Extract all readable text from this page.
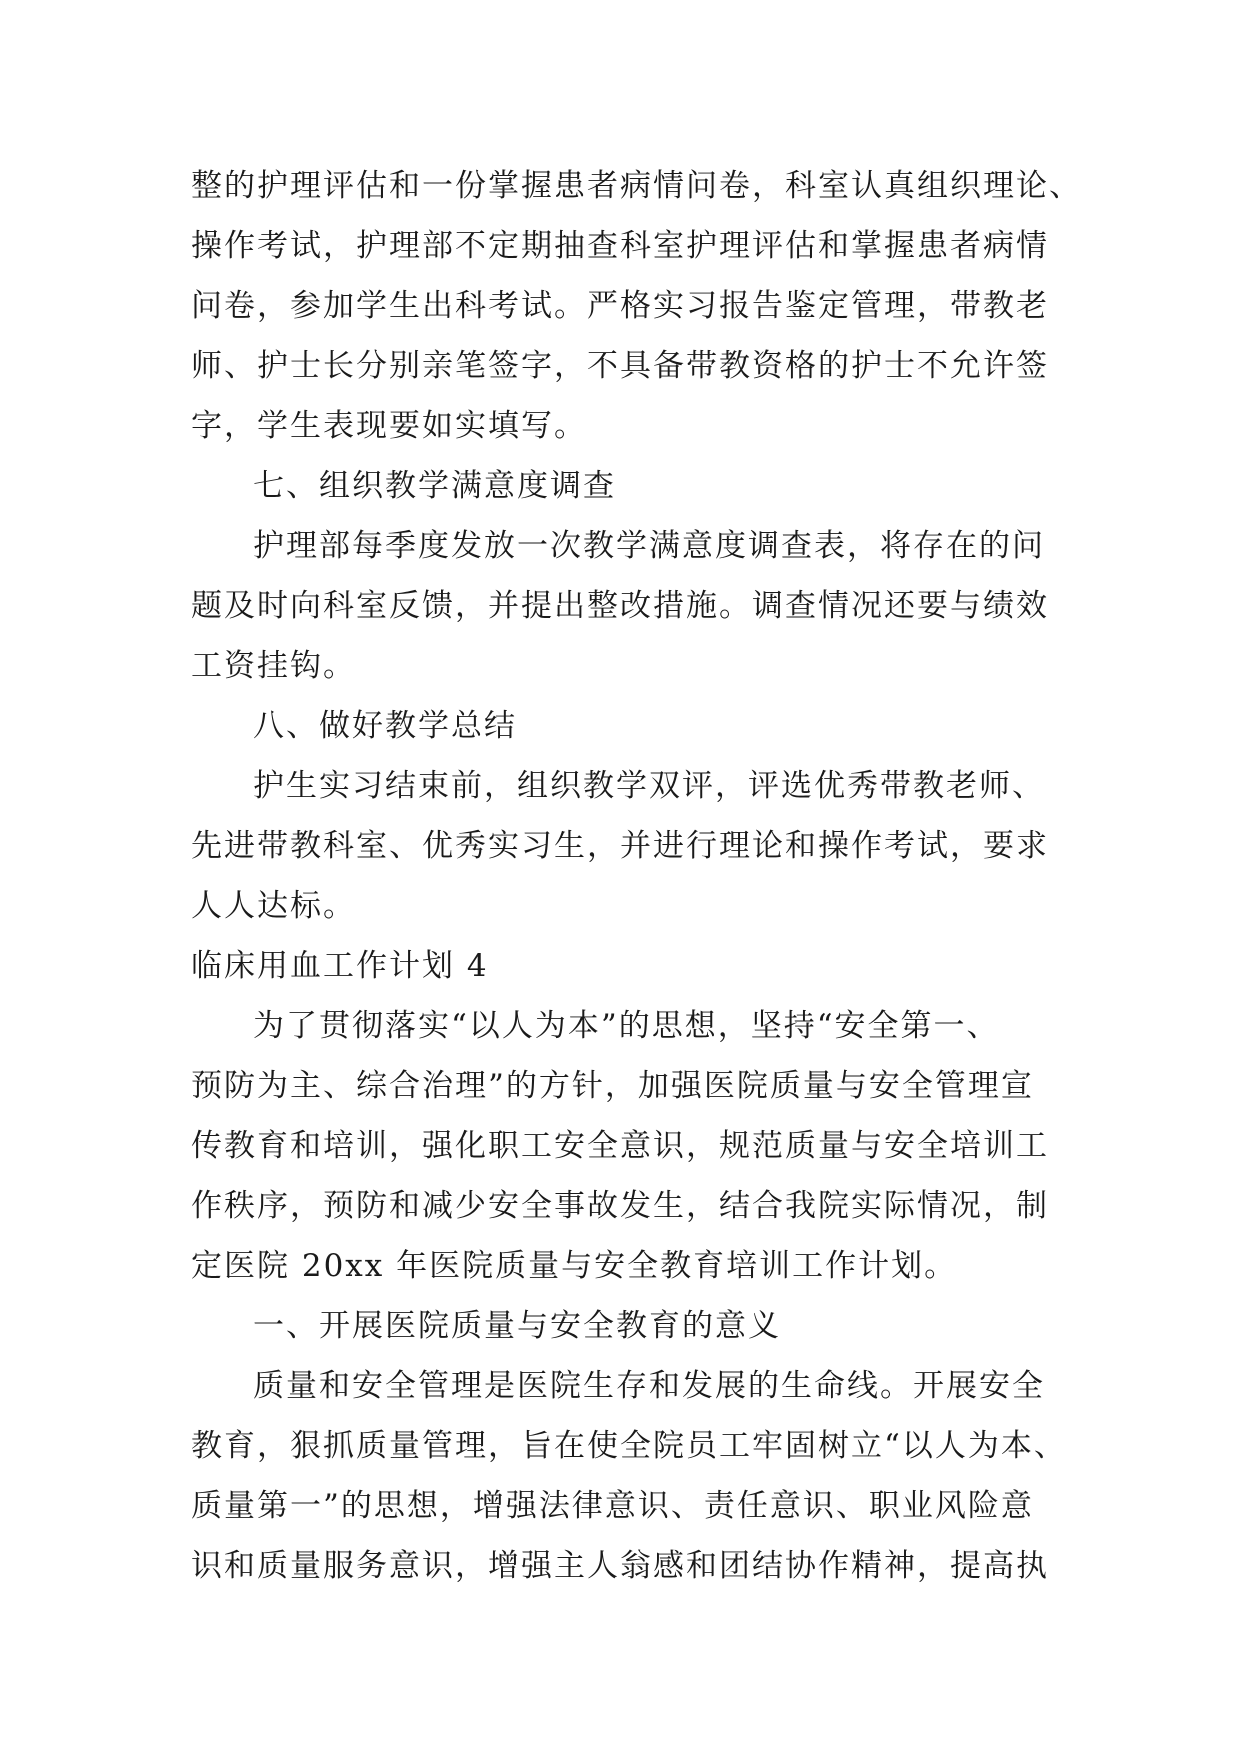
整的护理评估和一份掌握患者病情问卷，科室认真组织理论、
操作考试，护理部不定期抽查科室护理评估和掌握患者病情
问卷，参加学生出科考试。严格实习报告鉴定管理，带教老
师、护士长分别亲笔签字，不具备带教资格的护士不允许签
字，学生表现要如实填写。
七、组织教学满意度调查
护理部每季度发放一次教学满意度调查表，将存在的问
题及时向科室反馈，并提出整改措施。调查情况还要与绩效
工资挂钩。
八、做好教学总结
护生实习结束前，组织教学双评，评选优秀带教老师、
先进带教科室、优秀实习生，并进行理论和操作考试，要求
人人达标。
临床用血工作计划 4
为了贯彻落实“以人为本”的思想，坚持“安全第一、
预防为主、综合治理”的方针，加强医院质量与安全管理宣
传教育和培训，强化职工安全意识，规范质量与安全培训工
作秩序，预防和减少安全事故发生，结合我院实际情况，制
定医院 20xx 年医院质量与安全教育培训工作计划。
一、开展医院质量与安全教育的意义
质量和安全管理是医院生存和发展的生命线。开展安全
教育，狠抓质量管理，旨在使全院员工牢固树立“以人为本、
质量第一”的思想，增强法律意识、责任意识、职业风险意
识和质量服务意识，增强主人翁感和团结协作精神，提高执
